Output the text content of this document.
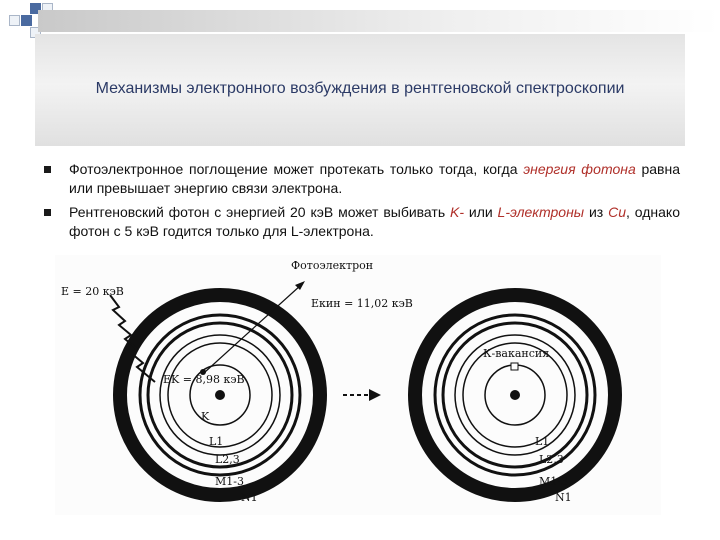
Механизмы электронного возбуждения в рентгеновской спектроскопии
Фотоэлектронное поглощение может протекать только тогда, когда энергия фотона равна или превышает энергию связи электрона.
Рентгеновский фотон с энергией 20 кэВ может выбивать K- или L-электроны из Cu, однако фотон с 5 кэВ годится только для L-электрона.
Фотоэлектрон
E = 20 кэВ
Eкин = 11,02 кэВ
EK = 8,98 кэВ
K
L1
L2,3
M1-3
N1
К-вакансия
L1
L2,3
M1-3
N1
